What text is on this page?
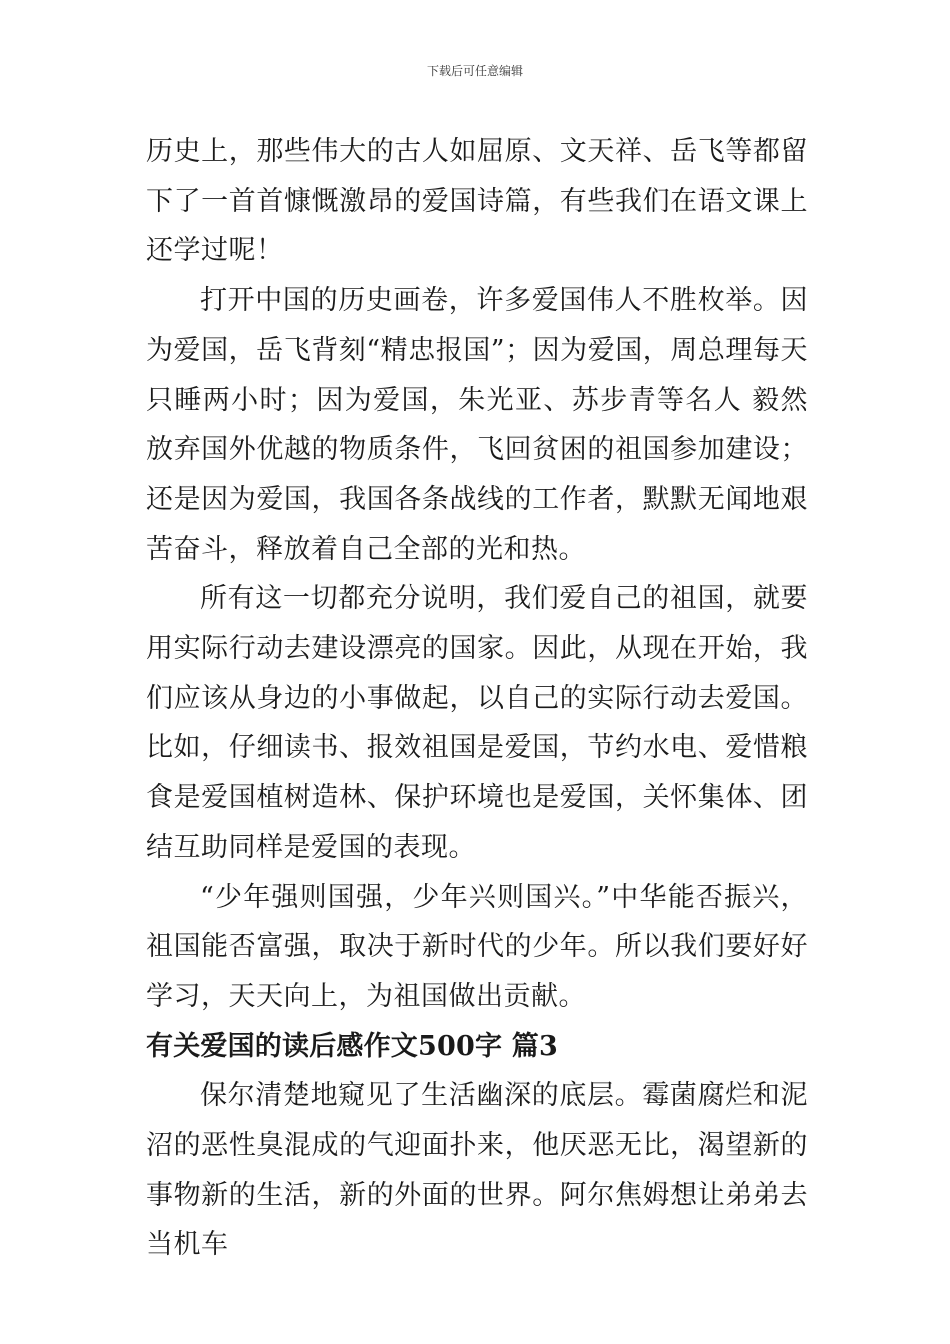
下载后可任意编辑

历史上，那些伟大的古人如屈原、文天祥、岳飞等都留下了一首首慷慨激昂的爱国诗篇，有些我们在语文课上还学过呢！

打开中国的历史画卷，许多爱国伟人不胜枚举。因为爱国，岳飞背刻“精忠报国”；因为爱国，周总理每天只睡两小时；因为爱国，朱光亚、苏步青等名人 毅然放弃国外优越的物质条件，飞回贫困的祖国参加建设；还是因为爱国，我国各条战线的工作者，默默无闻地艰苦奋斗，释放着自己全部的光和热。

所有这一切都充分说明，我们爱自己的祖国，就要用实际行动去建设漂亮的国家。因此，从现在开始，我们应该从身边的小事做起，以自己的实际行动去爱国。比如，仔细读书、报效祖国是爱国，节约水电、爱惜粮食是爱国植树造林、保护环境也是爱国，关怀集体、团结互助同样是爱国的表现。

“少年强则国强，少年兴则国兴。”中华能否振兴，祖国能否富强，取决于新时代的少年。所以我们要好好学习，天天向上，为祖国做出贡献。

有关爱国的读后感作文500字 篇3

保尔清楚地窥见了生活幽深的底层。霉菌腐烂和泥沼的恶性臭混成的气迎面扑来，他厌恶无比，渴望新的事物新的生活，新的外面的世界。阿尔焦姆想让弟弟去当机车
